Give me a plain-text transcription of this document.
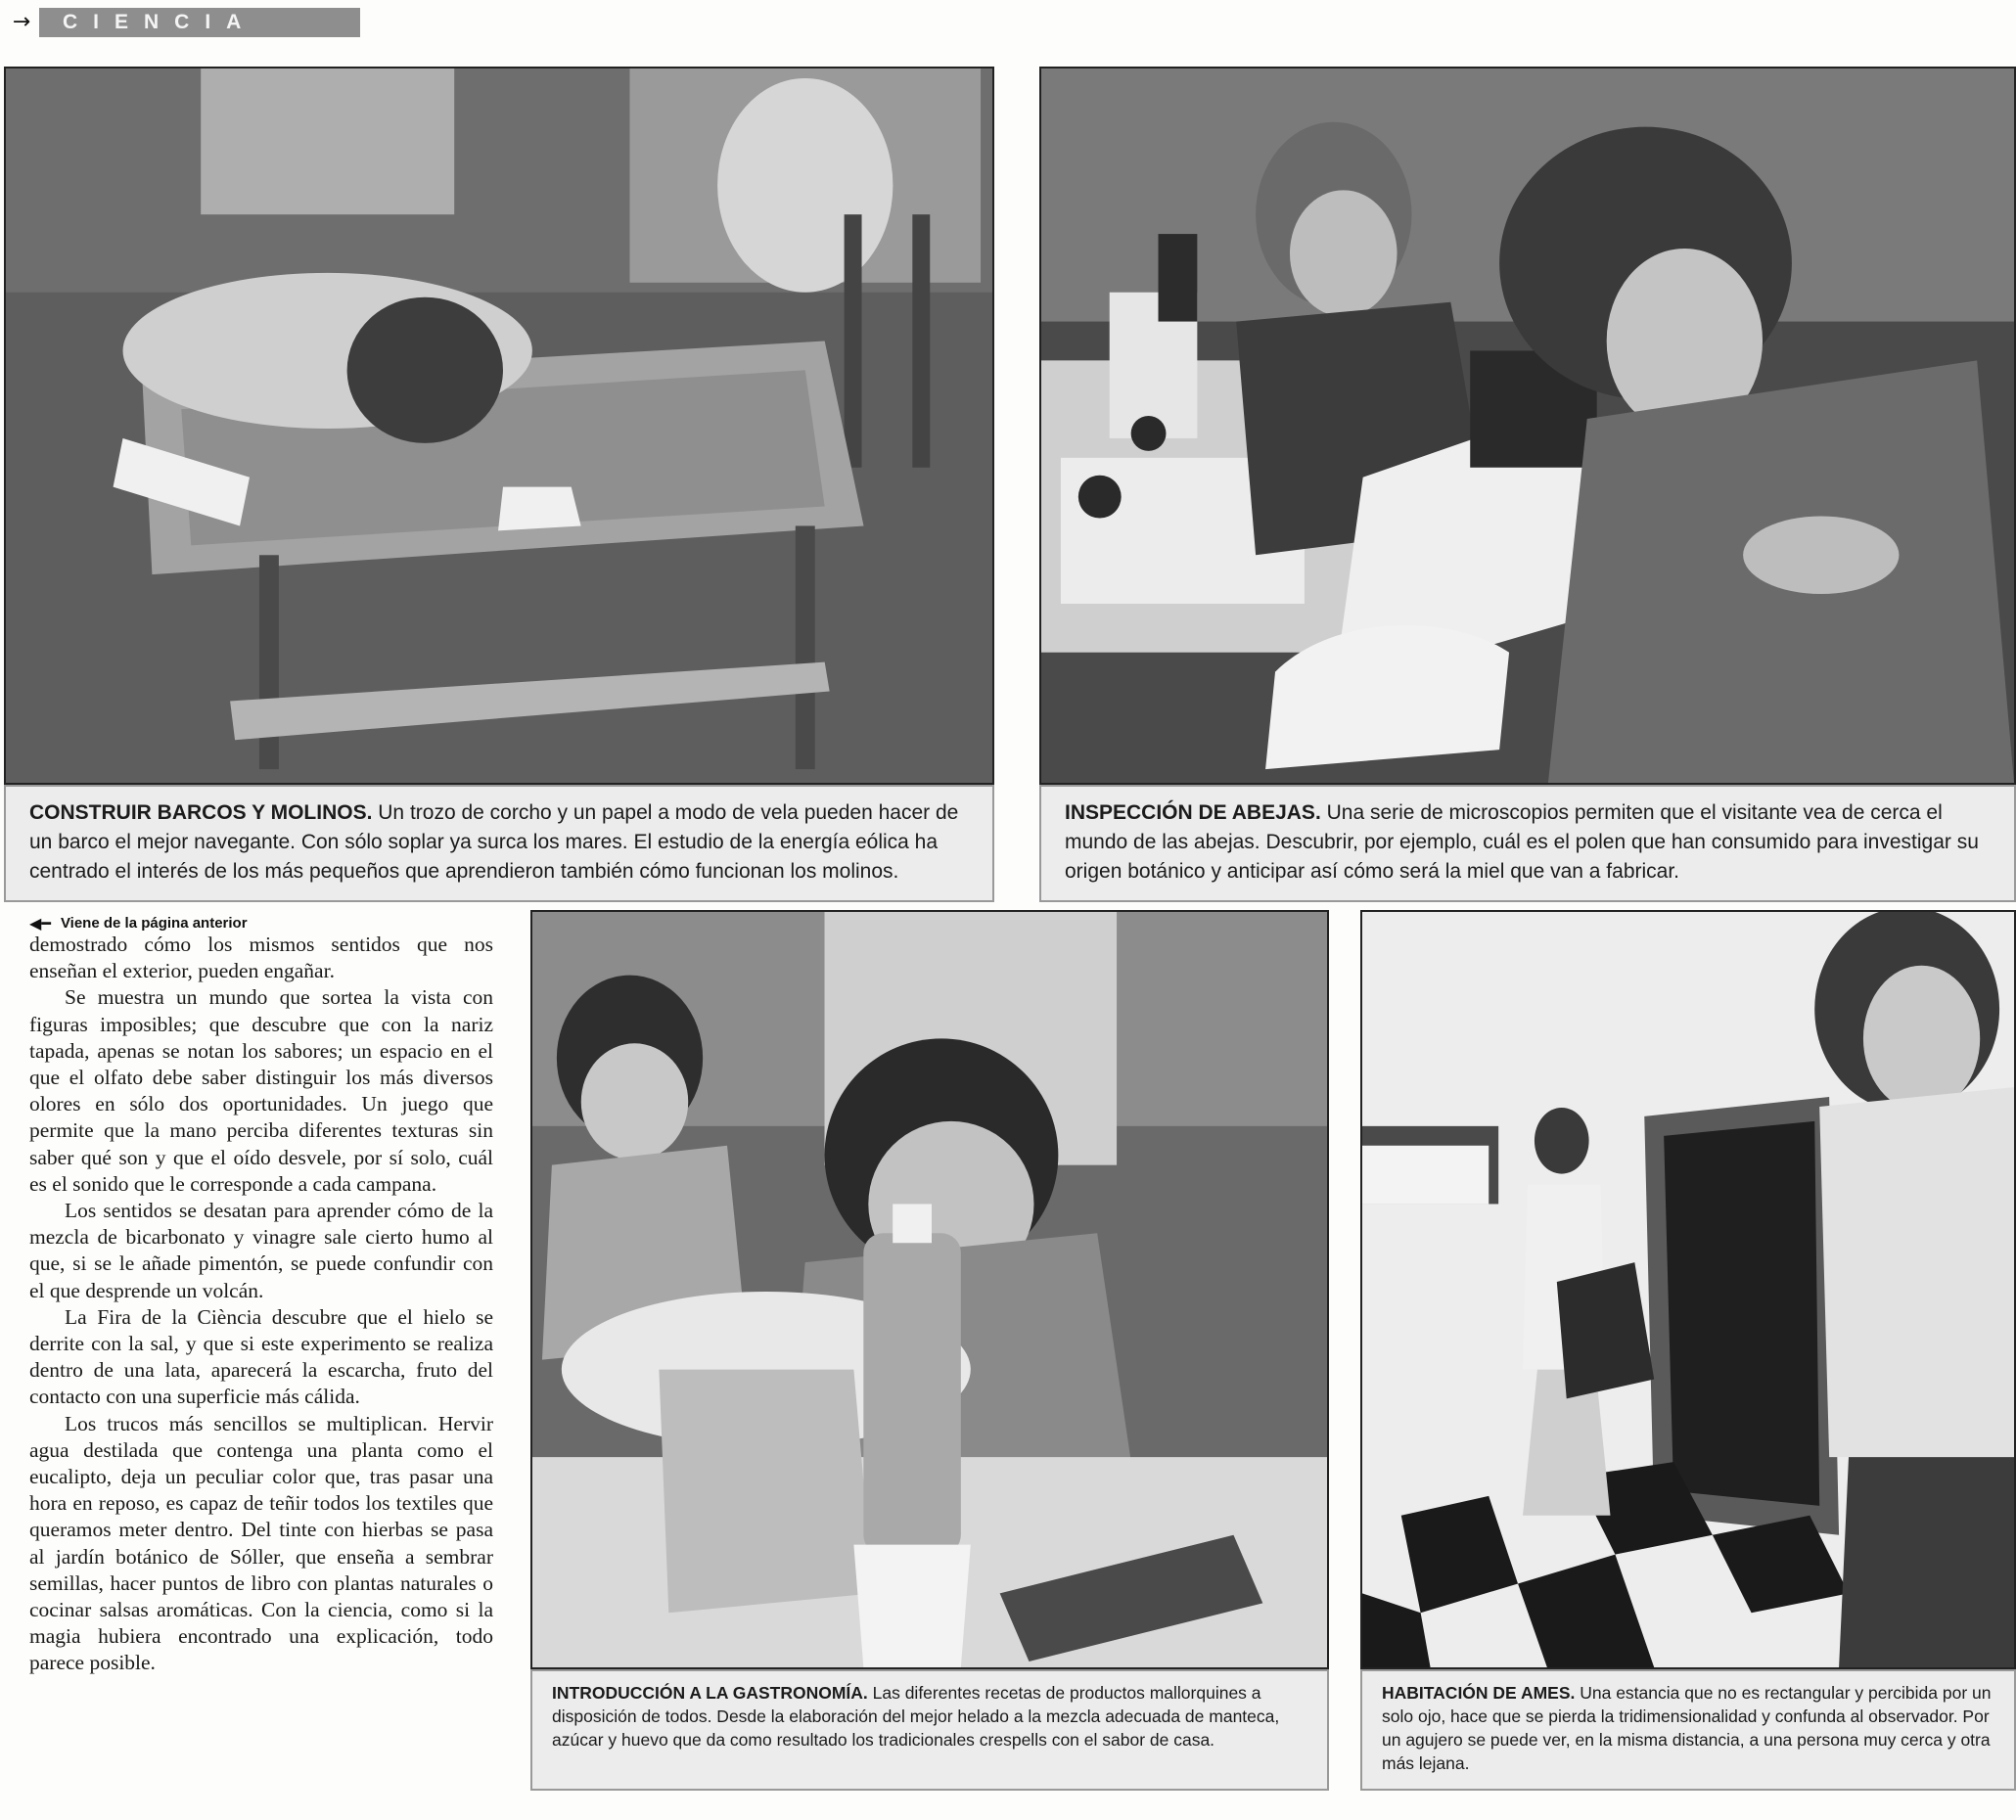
→	CIENCIA
CONSTRUIR BARCOS Y MOLINOS. Un trozo de corcho y un papel a modo de vela pueden hacer de un barco el mejor navegante. Con sólo soplar ya surca los mares. El estudio de la energía eólica ha centrado el interés de los más pequeños que aprendieron también cómo funcionan los molinos.
INSPECCIÓN DE ABEJAS. Una serie de microscopios permiten que el visitante vea de cerca el mundo de las abejas. Descubrir, por ejemplo, cuál es el polen que han consumido para investigar su origen botánico y anticipar así cómo será la miel que van a fabricar.
◀━ Viene de la página anterior

demostrado cómo los mismos sentidos que nos enseñan el exterior, pueden engañar.

Se muestra un mundo que sortea la vista con figuras imposibles; que descubre que con la nariz tapada, apenas se notan los sabores; un espacio en el que el olfato debe saber distinguir los más diversos olores en sólo dos oportunidades. Un juego que permite que la mano perciba diferentes texturas sin saber qué son y que el oído desvele, por sí solo, cuál es el sonido que le corresponde a cada campana.

Los sentidos se desatan para aprender cómo de la mezcla de bicarbonato y vinagre sale cierto humo al que, si se le añade pimentón, se puede confundir con el que desprende un volcán.

La Fira de la Ciència descubre que el hielo se derrite con la sal, y que si este experimento se realiza dentro de una lata, aparecerá la escarcha, fruto del contacto con una superficie más cálida.

Los trucos más sencillos se multiplican. Hervir agua destilada que contenga una planta como el eucalipto, deja un peculiar color que, tras pasar una hora en reposo, es capaz de teñir todos los textiles que queramos meter dentro. Del tinte con hierbas se pasa al jardín botánico de Sóller, que enseña a sembrar semillas, hacer puntos de libro con plantas naturales o cocinar salsas aromáticas. Con la ciencia, como si la magia hubiera encontrado una explicación, todo parece posible.

INTRODUCCIÓN A LA GASTRONOMÍA. Las diferentes recetas de productos mallorquines a disposición de todos. Desde la elaboración del mejor helado a la mezcla adecuada de manteca, azúcar y huevo que da como resultado los tradicionales crespells con el sabor de casa.
HABITACIÓN DE AMES. Una estancia que no es rectangular y percibida por un solo ojo, hace que se pierda la tridimensionalidad y confunda al observador. Por un agujero se puede ver, en la misma distancia, a una persona muy cerca y otra más lejana.
